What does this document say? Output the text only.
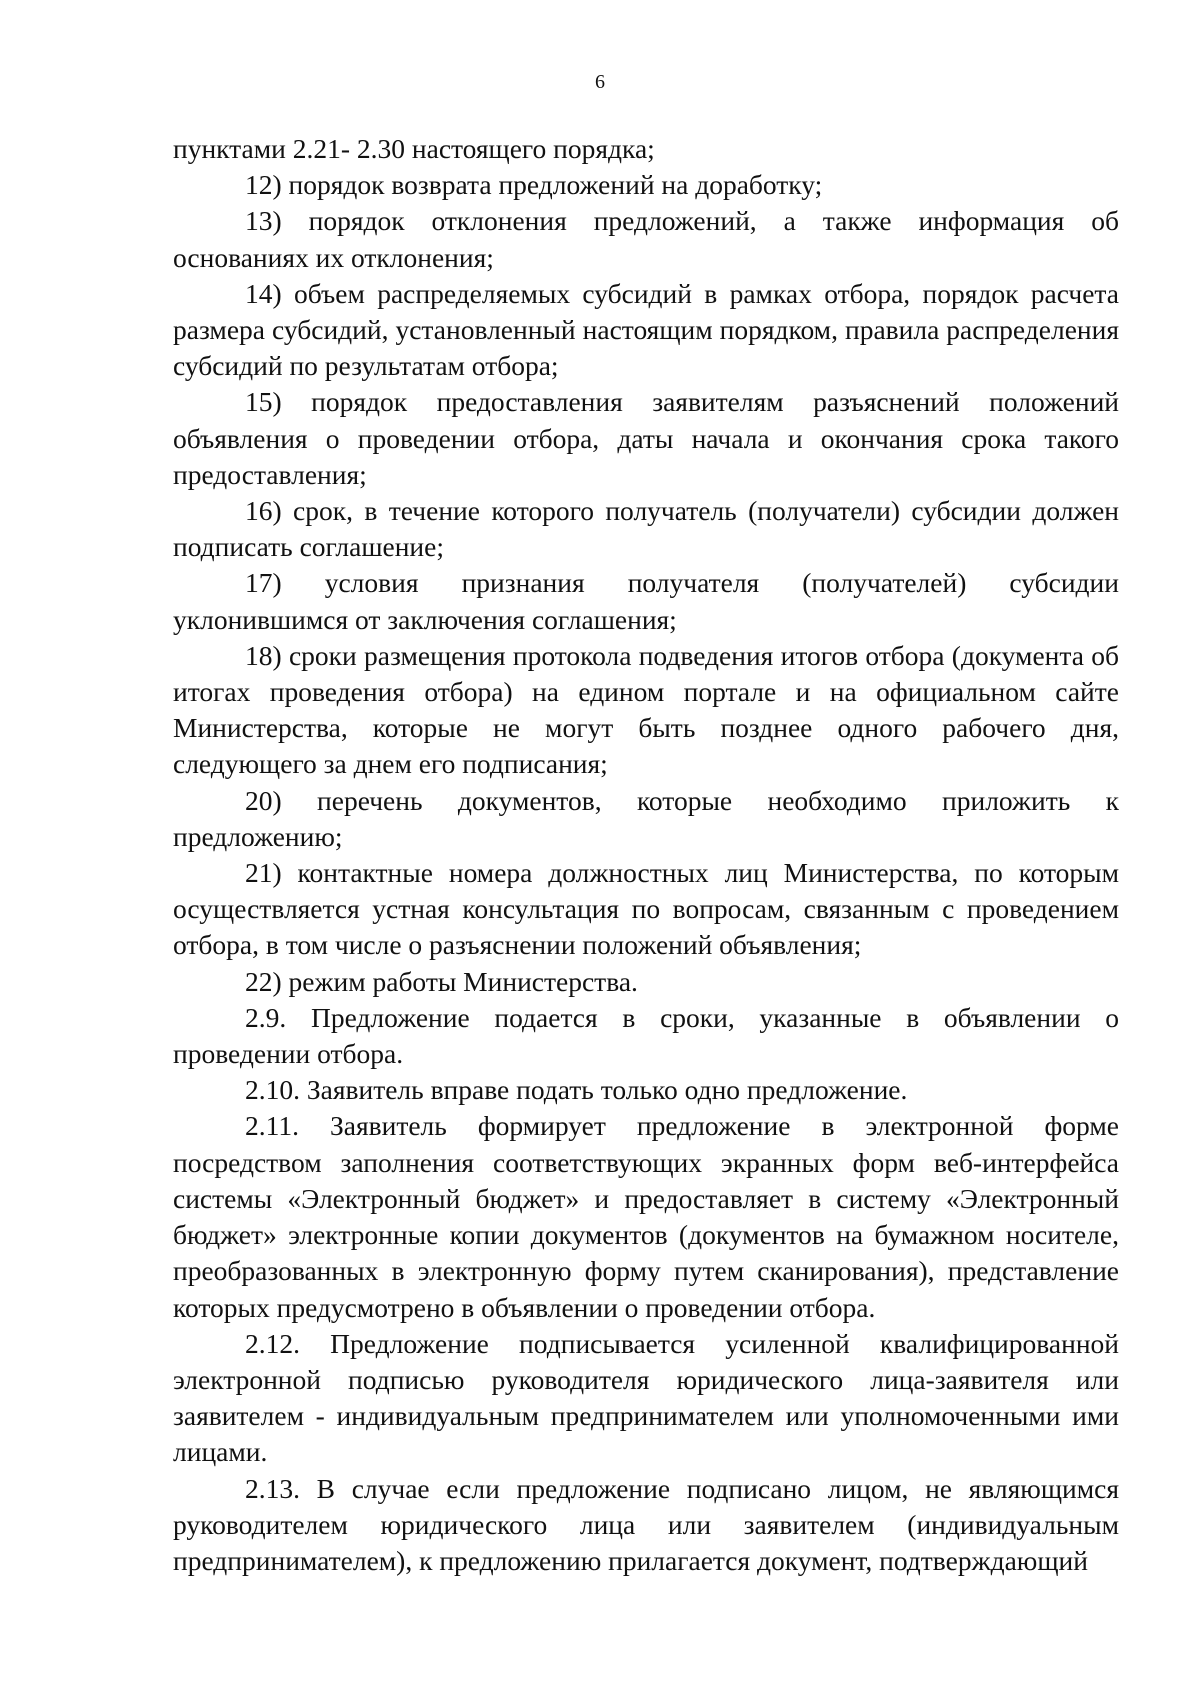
6

пунктами 2.21- 2.30 настоящего порядка;

12) порядок возврата предложений на доработку;

13) порядок отклонения предложений, а также информация об основаниях их отклонения;

14) объем распределяемых субсидий в рамках отбора, порядок расчета размера субсидий, установленный настоящим порядком, правила распределения субсидий по результатам отбора;

15) порядок предоставления заявителям разъяснений положений объявления о проведении отбора, даты начала и окончания срока такого предоставления;

16) срок, в течение которого получатель (получатели) субсидии должен подписать соглашение;

17) условия признания получателя (получателей) субсидии уклонившимся от заключения соглашения;

18) сроки размещения протокола подведения итогов отбора (документа об итогах проведения отбора) на едином портале и на официальном сайте Министерства, которые не могут быть позднее одного рабочего дня, следующего за днем его подписания;

20) перечень документов, которые необходимо приложить к предложению;

21) контактные номера должностных лиц Министерства, по которым осуществляется устная консультация по вопросам, связанным с проведением отбора, в том числе о разъяснении положений объявления;

22) режим работы Министерства.

2.9. Предложение подается в сроки, указанные в объявлении о проведении отбора.

2.10. Заявитель вправе подать только одно предложение.

2.11. Заявитель формирует предложение в электронной форме посредством заполнения соответствующих экранных форм веб-интерфейса системы «Электронный бюджет» и предоставляет в систему «Электронный бюджет» электронные копии документов (документов на бумажном носителе, преобразованных в электронную форму путем сканирования), представление которых предусмотрено в объявлении о проведении отбора.

2.12. Предложение подписывается усиленной квалифицированной электронной подписью руководителя юридического лица-заявителя или заявителем - индивидуальным предпринимателем или уполномоченными ими лицами.

2.13. В случае если предложение подписано лицом, не являющимся руководителем юридического лица или заявителем (индивидуальным предпринимателем), к предложению прилагается документ, подтверждающий
